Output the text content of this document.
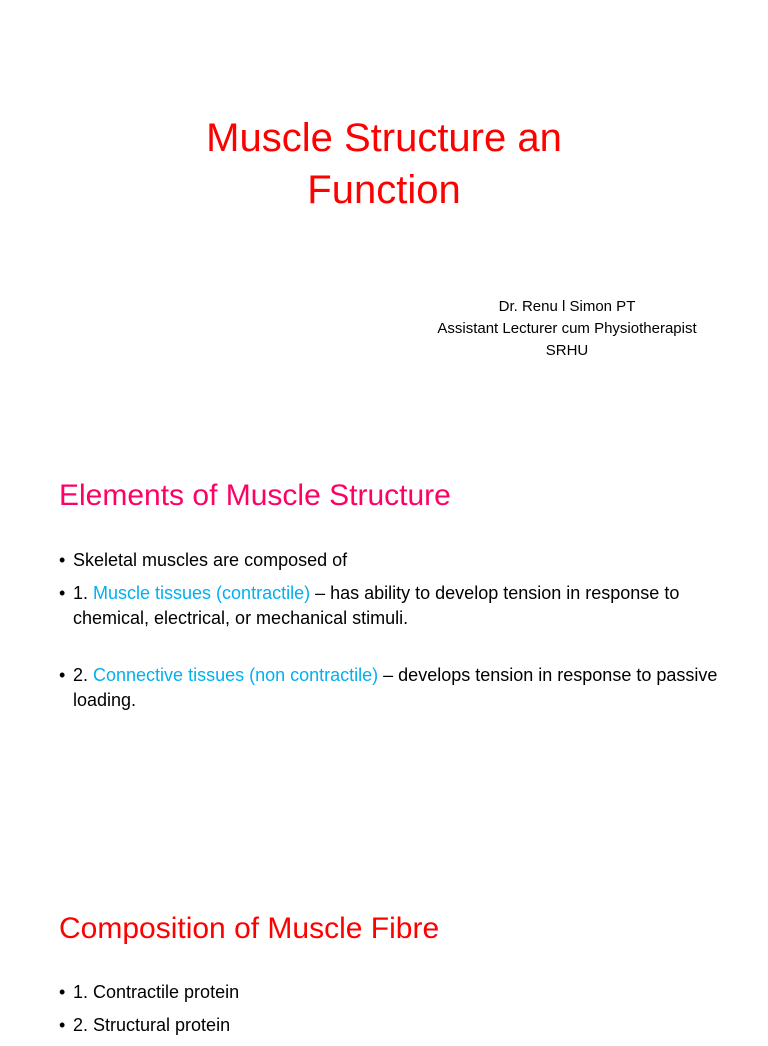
Muscle Structure an
Function
Dr. Renu l Simon PT
Assistant Lecturer cum Physiotherapist
SRHU
Elements of Muscle Structure
• Skeletal muscles are composed of
• 1. Muscle tissues (contractile) – has ability to develop tension in response to chemical, electrical, or mechanical stimuli.
• 2. Connective tissues (non contractile) – develops tension in response to passive loading.
Composition of Muscle Fibre
• 1. Contractile protein
• 2. Structural protein
